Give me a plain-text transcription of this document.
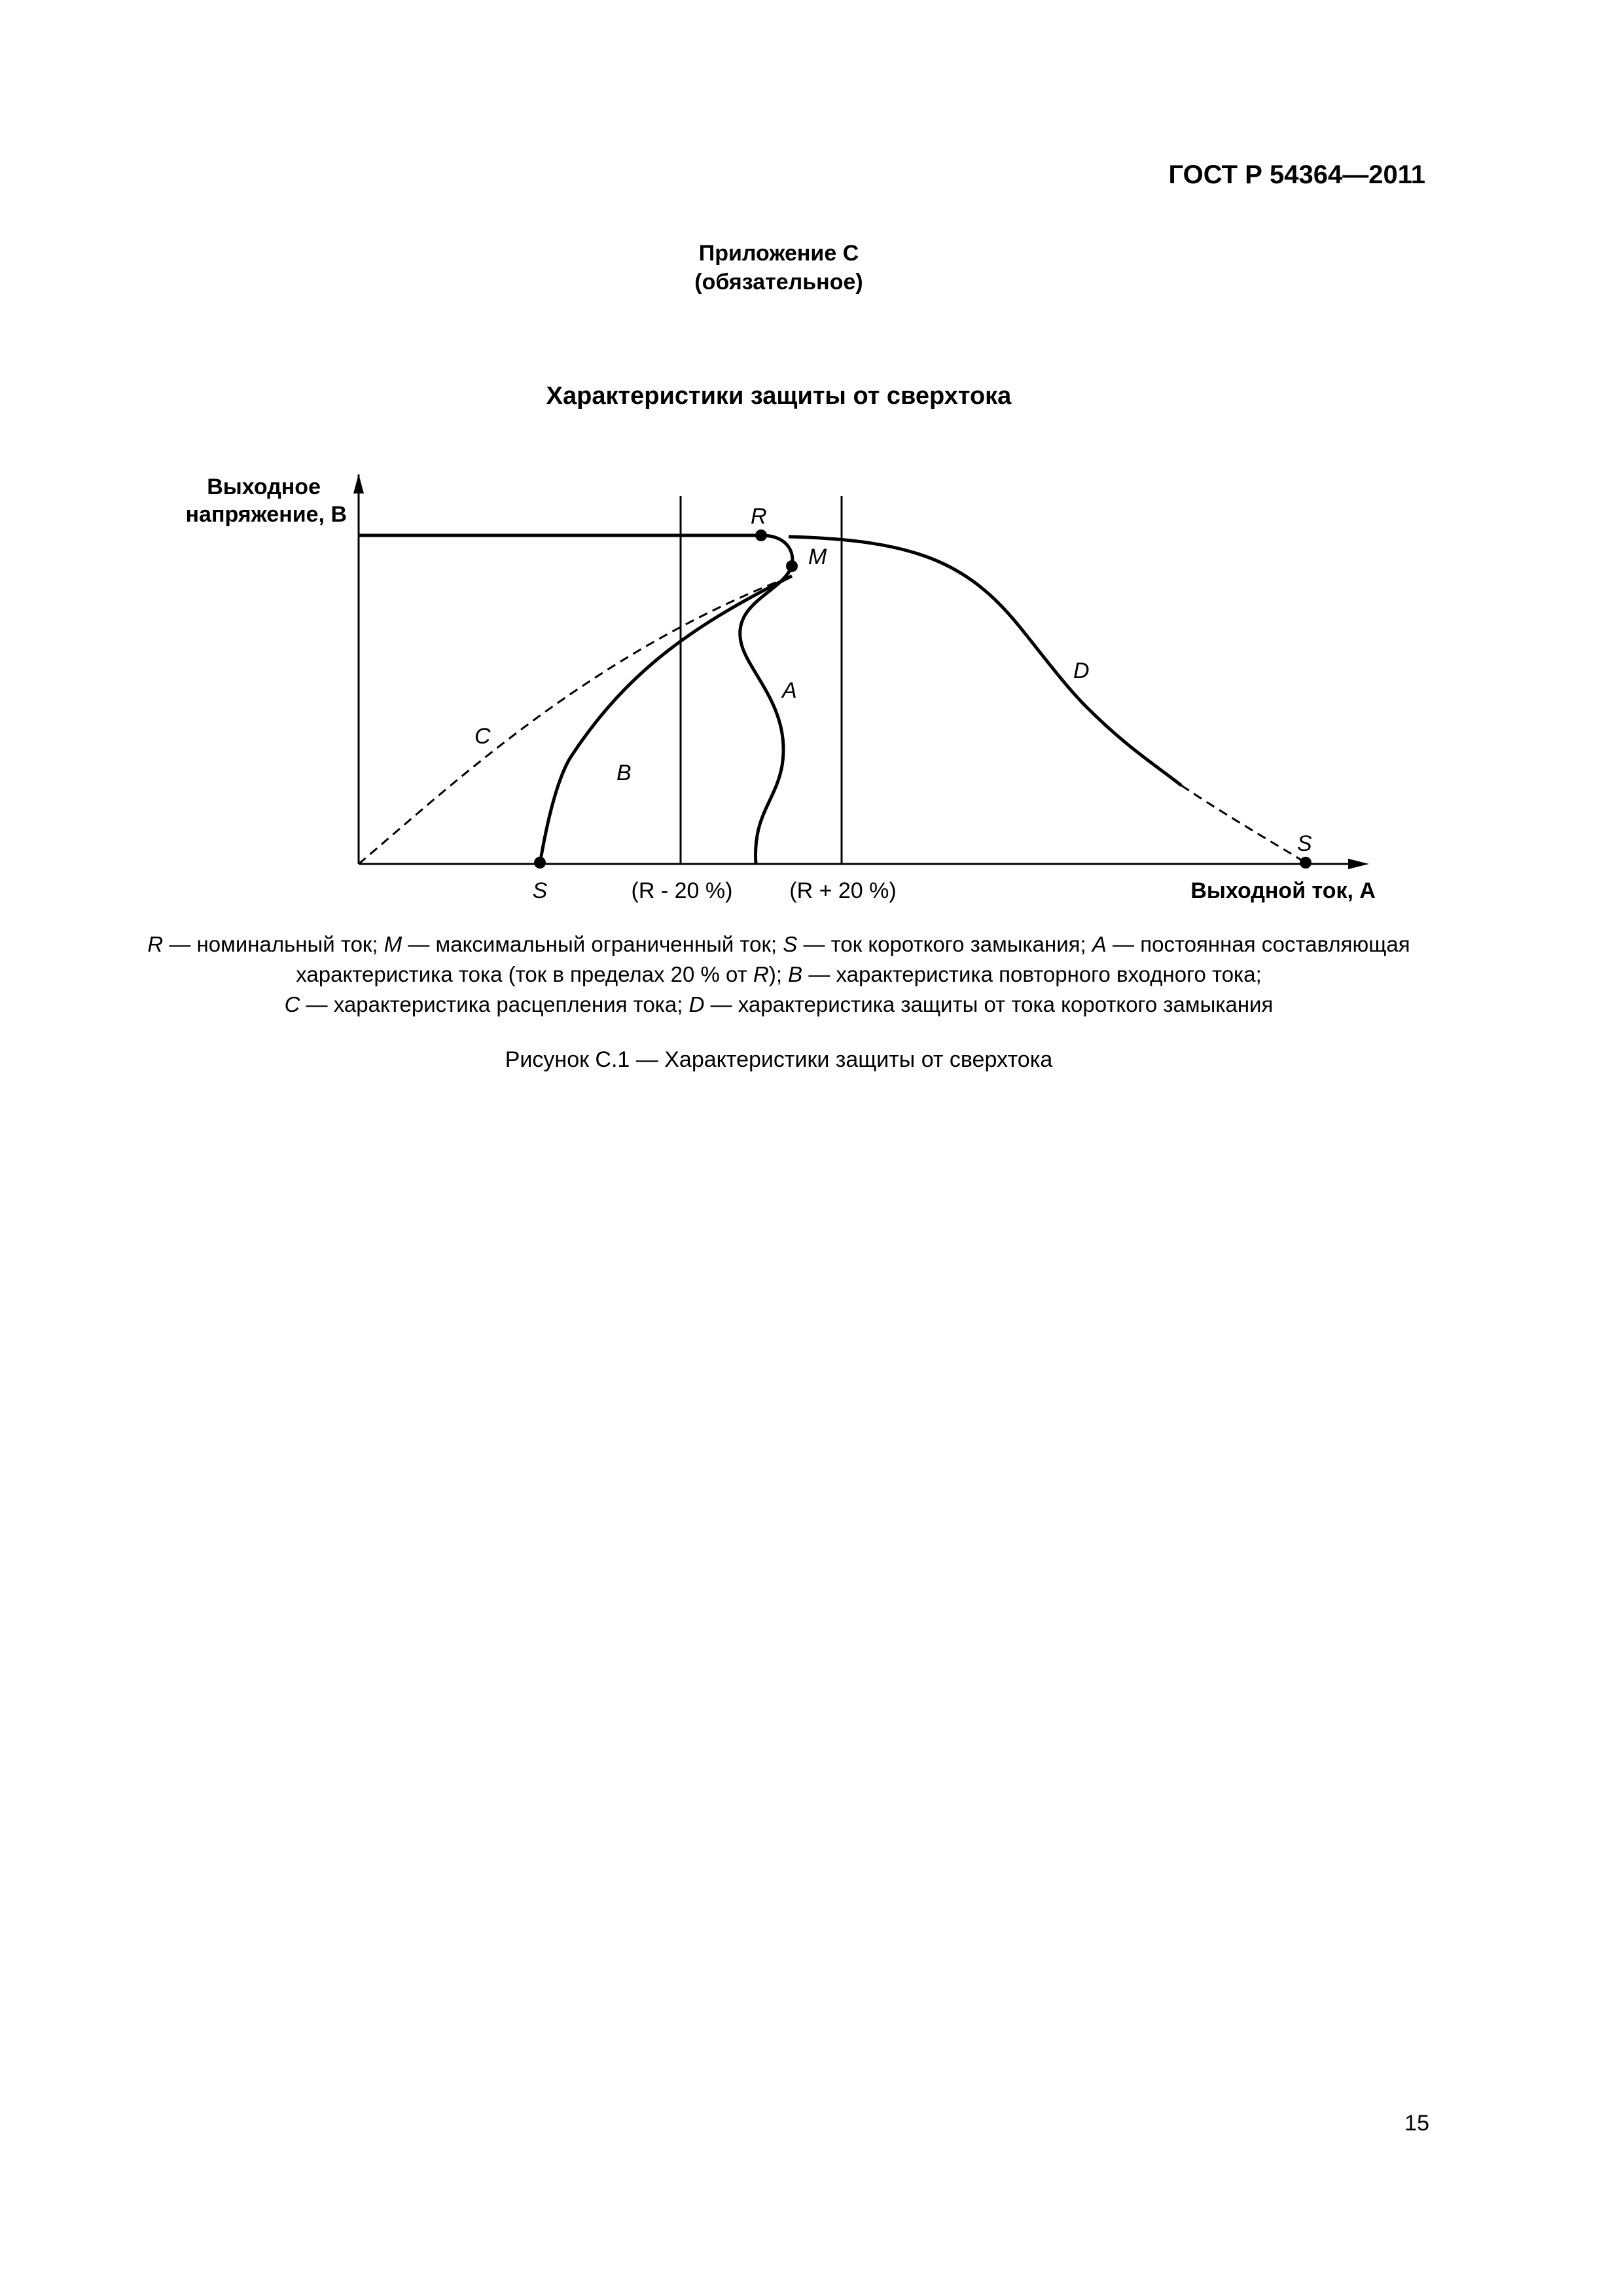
ГОСТ Р 54364—2011
Приложение С
(обязательное)
Характеристики защиты от сверхтока
Выходное
напряжение, В
Выходной ток, А
R
M
S
A
B
C
D
S	(R - 20 %)	(R + 20 %)
R — номинальный ток; M — максимальный ограниченный ток; S — ток короткого замыкания; A — постоянная составляющая характеристика тока (ток в пределах 20 % от R); B — характеристика повторного входного тока;
C — характеристика расцепления тока; D — характеристика защиты от тока короткого замыкания
Рисунок С.1 — Характеристики защиты от сверхтока
15
